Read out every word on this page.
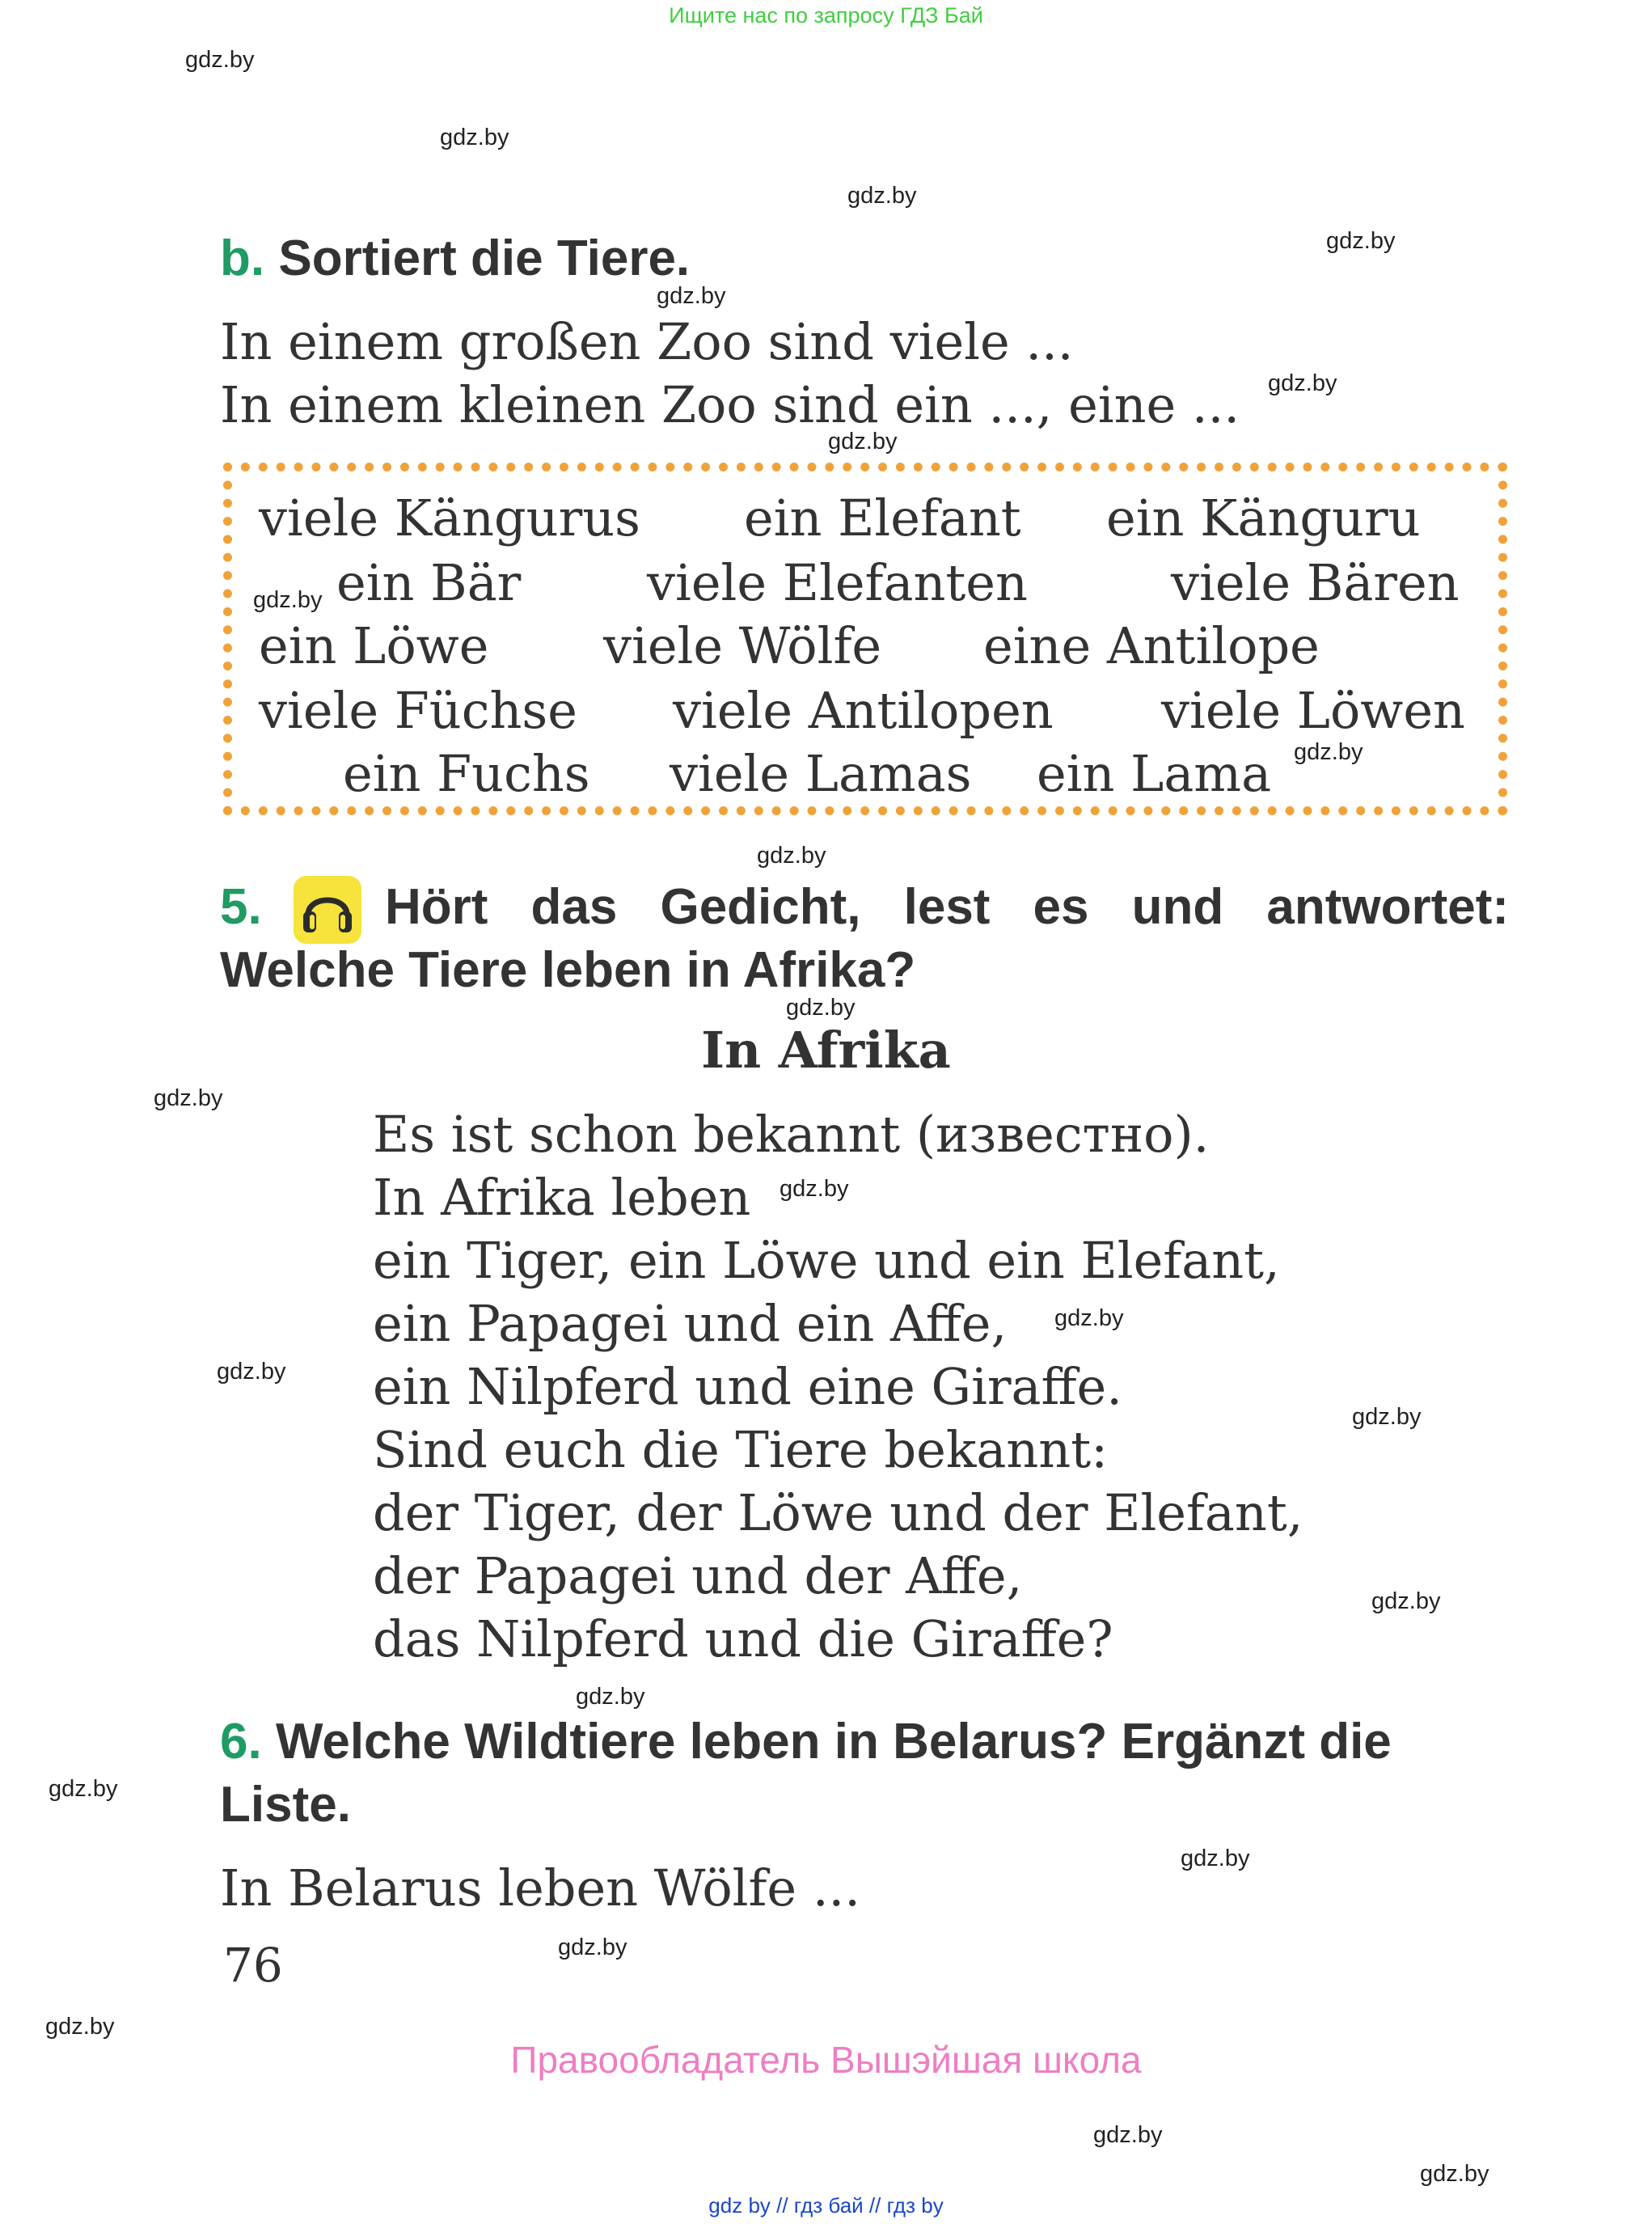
Ищите нас по запросу ГДЗ Бай
gdz.by
gdz.by
gdz.by
gdz.by
gdz.by
gdz.by
gdz.by
gdz.by
gdz.by
gdz.by
gdz.by
gdz.by
gdz.by
gdz.by
gdz.by
gdz.by
gdz.by
gdz.by
gdz.by
gdz.by
gdz.by
gdz.by
gdz.by
gdz.by
b. Sortiert die Tiere.
In einem großen Zoo sind viele ...
In einem kleinen Zoo sind ein ..., eine ...
viele Kängurus ein Elefant ein Känguru
ein Bär	viele Elefanten	viele Bären
ein Löwe viele Wölfe eine Antilope
viele Füchse viele Antilopen viele Löwen
ein Fuchs viele Lamas ein Lama
5. Hört das Gedicht, lest es und antwortet:
Welche Tiere leben in Afrika?
In Afrika
Es ist schon bekannt (известно).
In Afrika leben
ein Tiger, ein Löwe und ein Elefant,
ein Papagei und ein Affe,
ein Nilpferd und eine Giraffe.
Sind euch die Tiere bekannt:
der Tiger, der Löwe und der Elefant,
der Papagei und der Affe,
das Nilpferd und die Giraffe?
6. Welche Wildtiere leben in Belarus? Ergänzt die
Liste.
In Belarus leben Wölfe ...
76
Правообладатель Вышэйшая школа
gdz by // гдз бай // гдз by
